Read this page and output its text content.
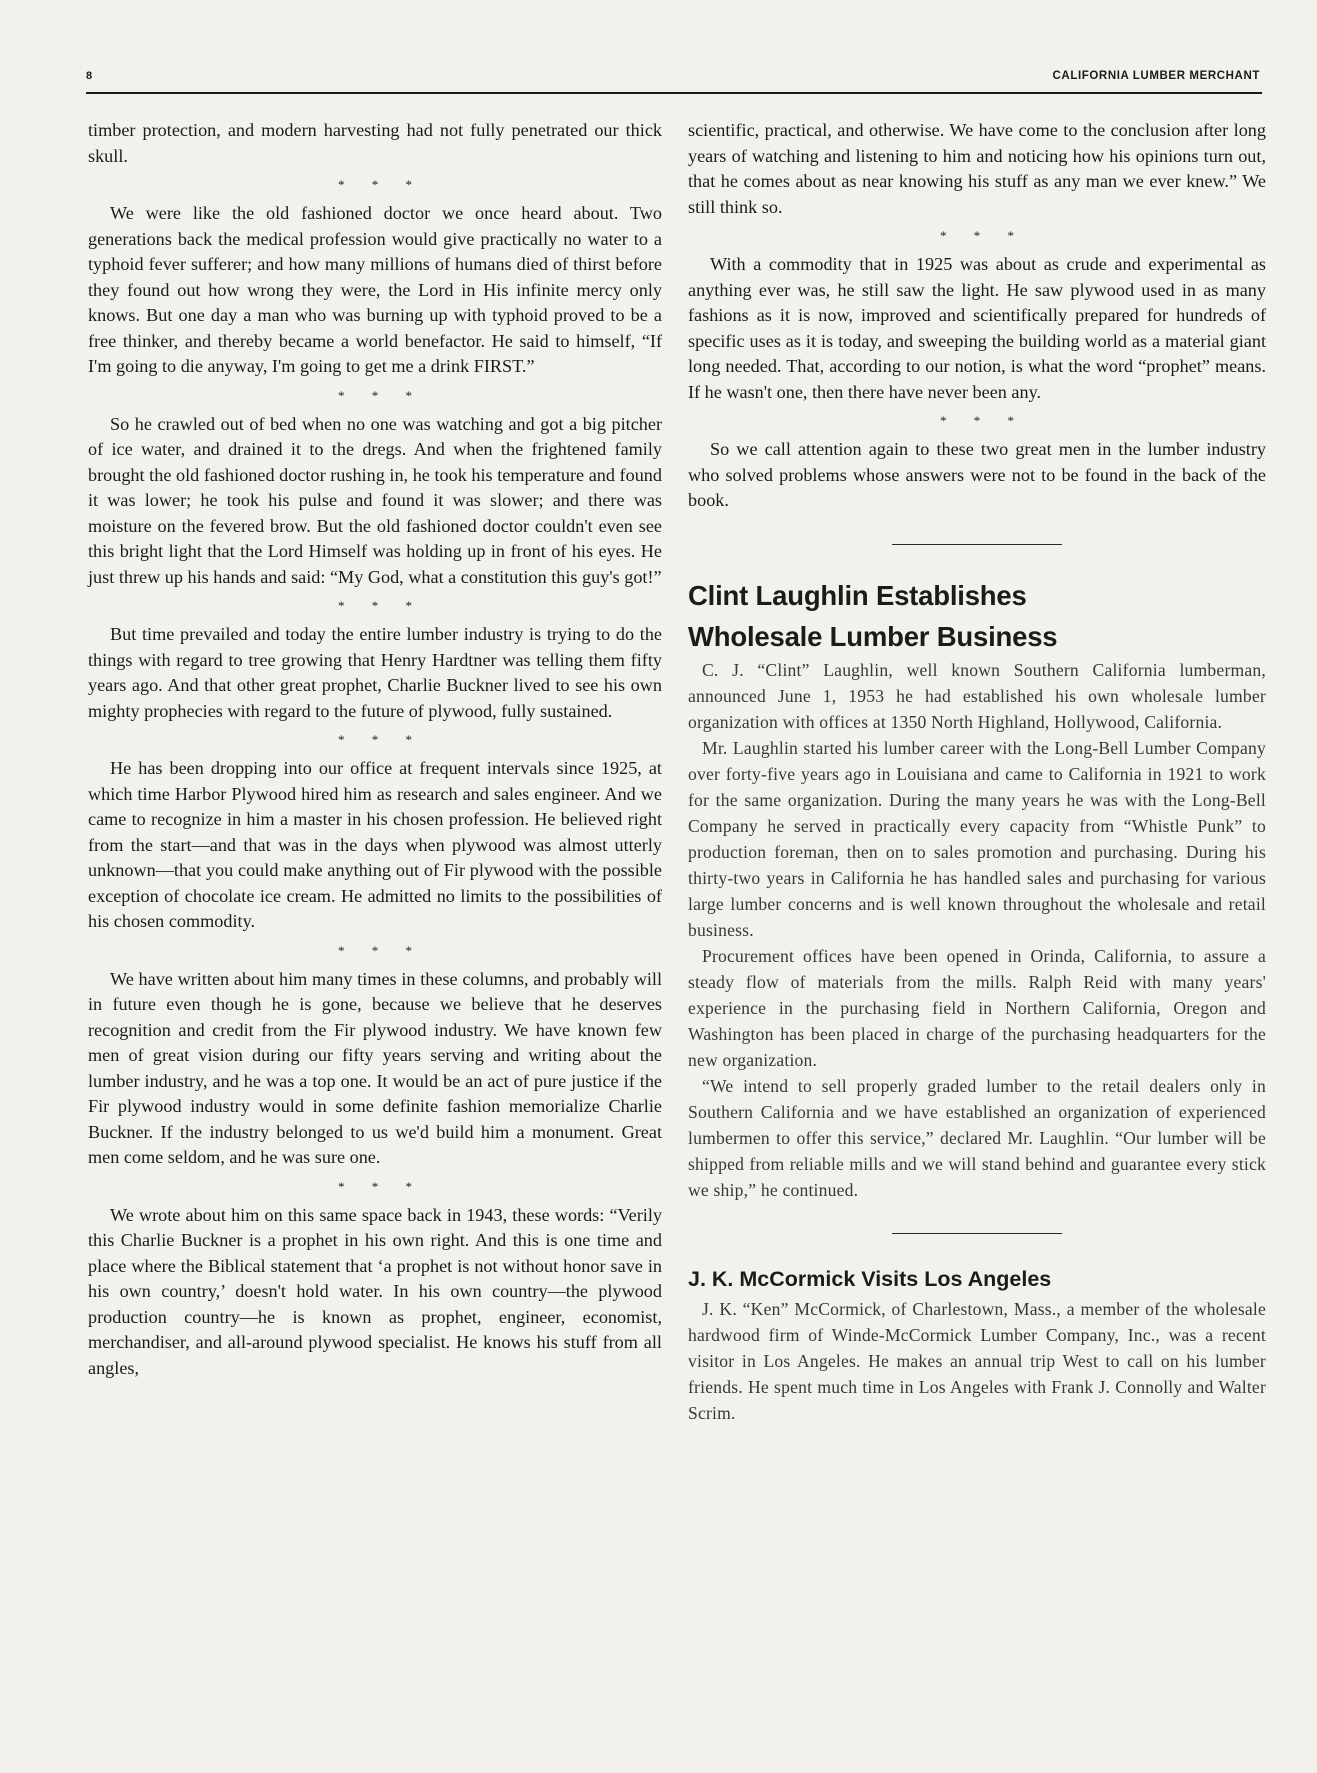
8	CALIFORNIA LUMBER MERCHANT

timber protection, and modern harvesting had not fully penetrated our thick skull.

* * *

We were like the old fashioned doctor we once heard about. Two generations back the medical profession would give practically no water to a typhoid fever sufferer; and how many millions of humans died of thirst before they found out how wrong they were, the Lord in His infinite mercy only knows. But one day a man who was burning up with typhoid proved to be a free thinker, and thereby became a world benefactor. He said to himself, “If I'm going to die anyway, I'm going to get me a drink FIRST.”

* * *

So he crawled out of bed when no one was watching and got a big pitcher of ice water, and drained it to the dregs. And when the frightened family brought the old fashioned doctor rushing in, he took his temperature and found it was lower; he took his pulse and found it was slower; and there was moisture on the fevered brow. But the old fashioned doctor couldn't even see this bright light that the Lord Himself was holding up in front of his eyes. He just threw up his hands and said: “My God, what a constitution this guy's got!”

* * *

But time prevailed and today the entire lumber industry is trying to do the things with regard to tree growing that Henry Hardtner was telling them fifty years ago. And that other great prophet, Charlie Buckner lived to see his own mighty prophecies with regard to the future of plywood, fully sustained.

* * *

He has been dropping into our office at frequent intervals since 1925, at which time Harbor Plywood hired him as research and sales engineer. And we came to recognize in him a master in his chosen profession. He believed right from the start—and that was in the days when plywood was almost utterly unknown—that you could make anything out of Fir plywood with the possible exception of chocolate ice cream. He admitted no limits to the possibilities of his chosen commodity.

* * *

We have written about him many times in these columns, and probably will in future even though he is gone, because we believe that he deserves recognition and credit from the Fir plywood industry. We have known few men of great vision during our fifty years serving and writing about the lumber industry, and he was a top one. It would be an act of pure justice if the Fir plywood industry would in some definite fashion memorialize Charlie Buckner. If the industry belonged to us we'd build him a monument. Great men come seldom, and he was sure one.

* * *

We wrote about him on this same space back in 1943, these words: “Verily this Charlie Buckner is a prophet in his own right. And this is one time and place where the Biblical statement that ‘a prophet is not without honor save in his own country,’ doesn't hold water. In his own country—the plywood production country—he is known as prophet, engineer, economist, merchandiser, and all-around plywood specialist. He knows his stuff from all angles,

scientific, practical, and otherwise. We have come to the conclusion after long years of watching and listening to him and noticing how his opinions turn out, that he comes about as near knowing his stuff as any man we ever knew.” We still think so.

* * *

With a commodity that in 1925 was about as crude and experimental as anything ever was, he still saw the light. He saw plywood used in as many fashions as it is now, improved and scientifically prepared for hundreds of specific uses as it is today, and sweeping the building world as a material giant long needed. That, according to our notion, is what the word “prophet” means. If he wasn't one, then there have never been any.

* * *

So we call attention again to these two great men in the lumber industry who solved problems whose answers were not to be found in the back of the book.

Clint Laughlin Establishes
Wholesale Lumber Business

C. J. “Clint” Laughlin, well known Southern California lumberman, announced June 1, 1953 he had established his own wholesale lumber organization with offices at 1350 North Highland, Hollywood, California.

Mr. Laughlin started his lumber career with the Long-Bell Lumber Company over forty-five years ago in Louisiana and came to California in 1921 to work for the same organization. During the many years he was with the Long-Bell Company he served in practically every capacity from “Whistle Punk” to production foreman, then on to sales promotion and purchasing. During his thirty-two years in California he has handled sales and purchasing for various large lumber concerns and is well known throughout the wholesale and retail business.

Procurement offices have been opened in Orinda, California, to assure a steady flow of materials from the mills. Ralph Reid with many years' experience in the purchasing field in Northern California, Oregon and Washington has been placed in charge of the purchasing headquarters for the new organization.

“We intend to sell properly graded lumber to the retail dealers only in Southern California and we have established an organization of experienced lumbermen to offer this service,” declared Mr. Laughlin. “Our lumber will be shipped from reliable mills and we will stand behind and guarantee every stick we ship,” he continued.

J. K. McCormick Visits Los Angeles

J. K. “Ken” McCormick, of Charlestown, Mass., a member of the wholesale hardwood firm of Winde-McCormick Lumber Company, Inc., was a recent visitor in Los Angeles. He makes an annual trip West to call on his lumber friends. He spent much time in Los Angeles with Frank J. Connolly and Walter Scrim.
